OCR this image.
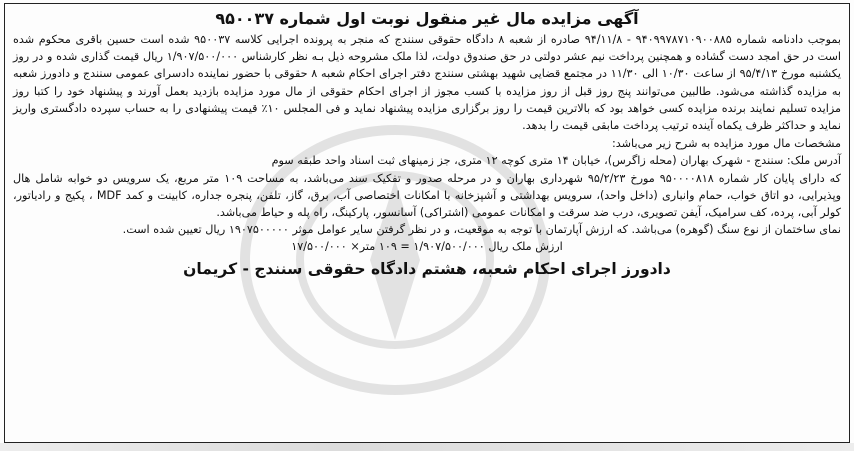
آگهی مزایده مال غیر منقول نوبت اول شماره ۹۵۰۰۳۷

بموجب دادنامه شماره ۹۴۰۹۹۷۸۷۱۰۹۰۰۸۸۵ - ۹۴/۱۱/۸ صادره از شعبه ۸ دادگاه حقوقی سنندج که منجر به پرونده اجرایی کلاسه ۹۵۰۰۳۷ شده است حسین باقری محکوم شده است در حق امجد دست گشاده و همچنین پرداخت نیم عشر دولتی در حق صندوق دولت، لذا ملک مشروحه ذیل بـه نظر کارشناس ۱/۹۰۷/۵۰۰/۰۰۰ ریال قیمت گذاری شده و در روز یکشنبه مورخ ۹۵/۴/۱۳ از ساعت ۱۰/۳۰ الی ۱۱/۳۰ در مجتمع قضایی شهید بهشتی سنندج دفتر اجرای احکام شعبه ۸ حقوقی با حضور نماینده دادسرای عمومی سنندج و دادورز شعبه به مزایده گذاشته می‌شود. طالبین می‌توانند پنج روز قبل از روز مزایده با کسب مجوز از اجرای احکام حقوقی از مال مورد مزایده بازدید بعمل آورند و پیشنهاد خود را کتبا روز مزایده تسلیم نمایند برنده مزایده کسی خواهد بود که بالاترین قیمت را روز برگزاری مزایده پیشنهاد نماید و فی المجلس ۱۰٪ قیمت پیشنهادی را به حساب سپرده دادگستری واریز نماید و حداکثر ظرف یکماه آینده ترتیب پرداخت مابقی قیمت را بدهد.

مشخصات مال مورد مزایده به شرح زیر می‌باشد:

آدرس ملک: سنندج - شهرک بهاران (محله زاگرس)، خیابان ۱۴ متری کوچه ۱۲ متری، جز زمینهای ثبت اسناد واحد طبقه سوم

که دارای پایان کار شماره ۹۵۰۰۰۰۸۱۸ مورخ ۹۵/۲/۲۳ شهرداری بهاران و در مرحله صدور و تفکیک سند می‌باشد، به مساحت ۱۰۹ متر مربع، یک سرویس دو خوابه شامل هال وپذیرایی، دو اتاق خواب، حمام وانباری (داخل واحد)، سرویس بهداشتی و آشپزخانه با امکانات اختصاصی آب، برق، گاز، تلفن، پنجره جداره، کابینت و کمد MDF ، پکیج و رادیاتور، کولر آبی، پرده، کف سرامیک، آیفن تصویری، درب ضد سرقت و امکانات عمومی (اشتراکی) آسانسور، پارکینگ، راه پله و حیاط می‌باشد.

نمای ساختمان از نوع سنگ (گوهره) می‌باشد. که ارزش آپارتمان با توجه به موقعیت، و در نظر گرفتن سایر عوامل موثر ۱۹۰۷۵۰۰۰۰۰ ریال تعیین شده است.

ارزش ملک ریال ۱/۹۰۷/۵۰۰/۰۰۰ = ۱۰۹ متر× ۱۷/۵۰۰/۰۰۰

دادورز اجرای احکام شعبه، هشتم دادگاه حقوقی سنندج - کریمان
